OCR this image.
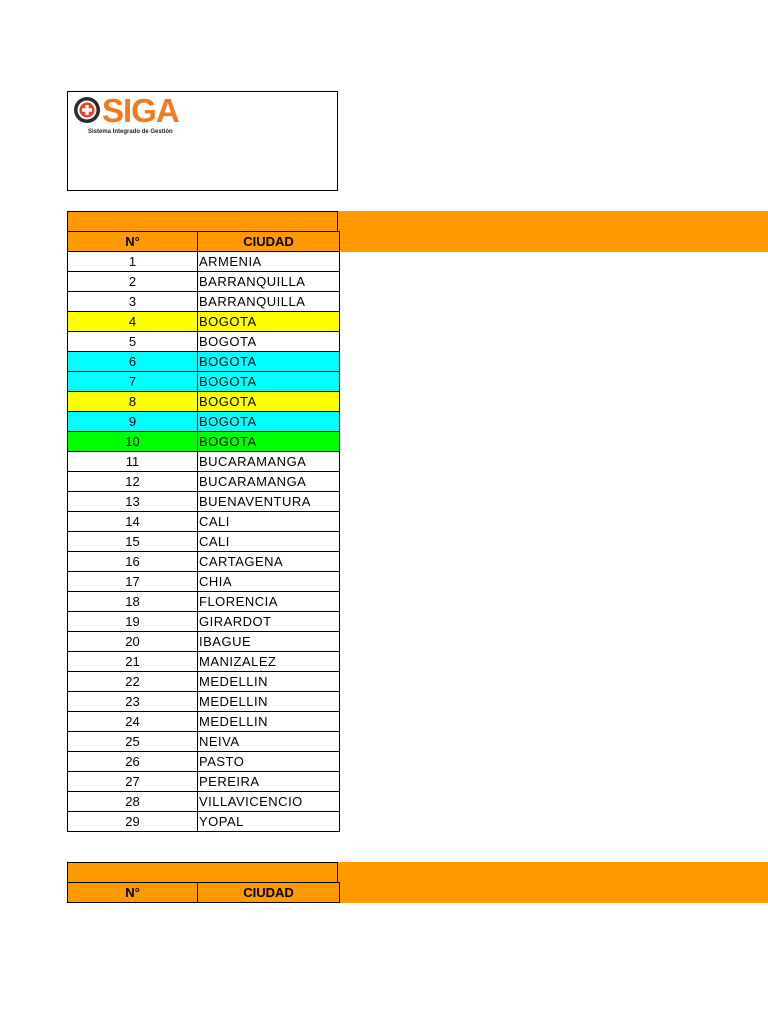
SIGA
Sistema Integrado de Gestión
N°	CIUDAD
1	ARMENIA
2	BARRANQUILLA
3	BARRANQUILLA
4	BOGOTA
5	BOGOTA
6	BOGOTA
7	BOGOTA
8	BOGOTA
9	BOGOTA
10	BOGOTA
11	BUCARAMANGA
12	BUCARAMANGA
13	BUENAVENTURA
14	CALI
15	CALI
16	CARTAGENA
17	CHIA
18	FLORENCIA
19	GIRARDOT
20	IBAGUE
21	MANIZALEZ
22	MEDELLIN
23	MEDELLIN
24	MEDELLIN
25	NEIVA
26	PASTO
27	PEREIRA
28	VILLAVICENCIO
29	YOPAL
N°	CIUDAD
